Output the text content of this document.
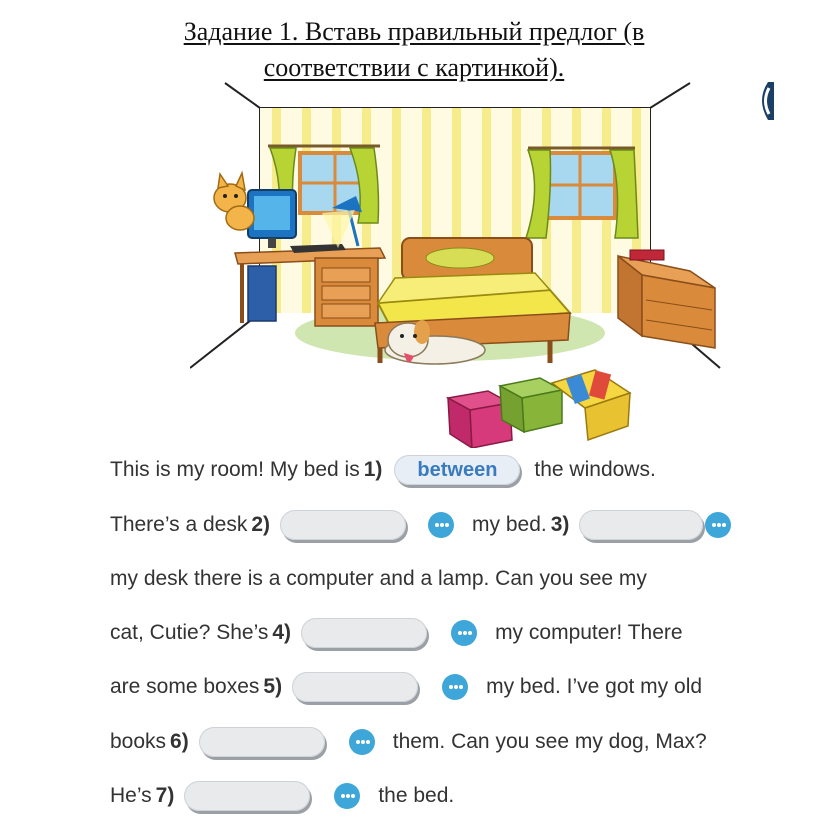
Задание 1. Вставь правильный предлог (в
соответствии с картинкой).
This is my room! My bed is 1)	between	the windows.
There’s a desk 2)	my bed. 3)
my desk there is a computer and a lamp. Can you see my
cat, Cutie? She’s 4)	my computer! There
are some boxes 5)	my bed. I’ve got my old
books 6)	them. Can you see my dog, Max?
He’s 7)	the bed.
